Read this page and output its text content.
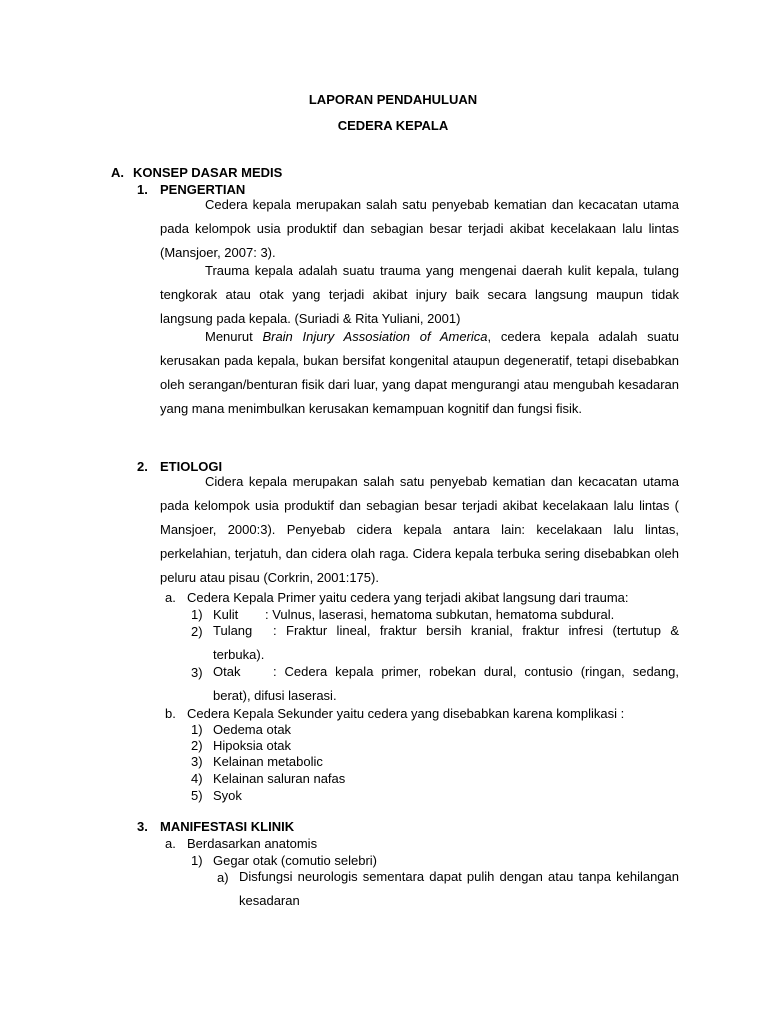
LAPORAN PENDAHULUAN
CEDERA KEPALA
A. KONSEP DASAR MEDIS
1. PENGERTIAN
Cedera kepala merupakan salah satu penyebab kematian dan kecacatan utama pada kelompok usia produktif dan sebagian besar terjadi akibat kecelakaan lalu lintas (Mansjoer, 2007: 3).
Trauma kepala adalah suatu trauma yang mengenai daerah kulit kepala, tulang tengkorak atau otak yang terjadi akibat injury baik secara langsung maupun tidak langsung pada kepala. (Suriadi & Rita Yuliani, 2001)
Menurut Brain Injury Assosiation of America, cedera kepala adalah suatu kerusakan pada kepala, bukan bersifat kongenital ataupun degeneratif, tetapi disebabkan oleh serangan/benturan fisik dari luar, yang dapat mengurangi atau mengubah kesadaran yang mana menimbulkan kerusakan kemampuan kognitif dan fungsi fisik.
2. ETIOLOGI
Cidera kepala merupakan salah satu penyebab kematian dan kecacatan utama pada kelompok usia produktif dan sebagian besar terjadi akibat kecelakaan lalu lintas ( Mansjoer, 2000:3). Penyebab cidera kepala antara lain: kecelakaan lalu lintas, perkelahian, terjatuh, dan cidera olah raga. Cidera kepala terbuka sering disebabkan oleh peluru atau pisau (Corkrin, 2001:175).
a. Cedera Kepala Primer yaitu cedera yang terjadi akibat langsung dari trauma:
1) Kulit : Vulnus, laserasi, hematoma subkutan, hematoma subdural.
2) Tulang : Fraktur lineal, fraktur bersih kranial, fraktur infresi (tertutup & terbuka).
3) Otak	: Cedera kepala primer, robekan dural, contusio (ringan, sedang, berat), difusi laserasi.
b. Cedera Kepala Sekunder yaitu cedera yang disebabkan karena komplikasi :
1) Oedema otak
2) Hipoksia otak
3) Kelainan metabolic
4) Kelainan saluran nafas
5) Syok
3. MANIFESTASI KLINIK
a. Berdasarkan anatomis
1) Gegar otak (comutio selebri)
a) Disfungsi neurologis sementara dapat pulih dengan atau tanpa kehilangan kesadaran
